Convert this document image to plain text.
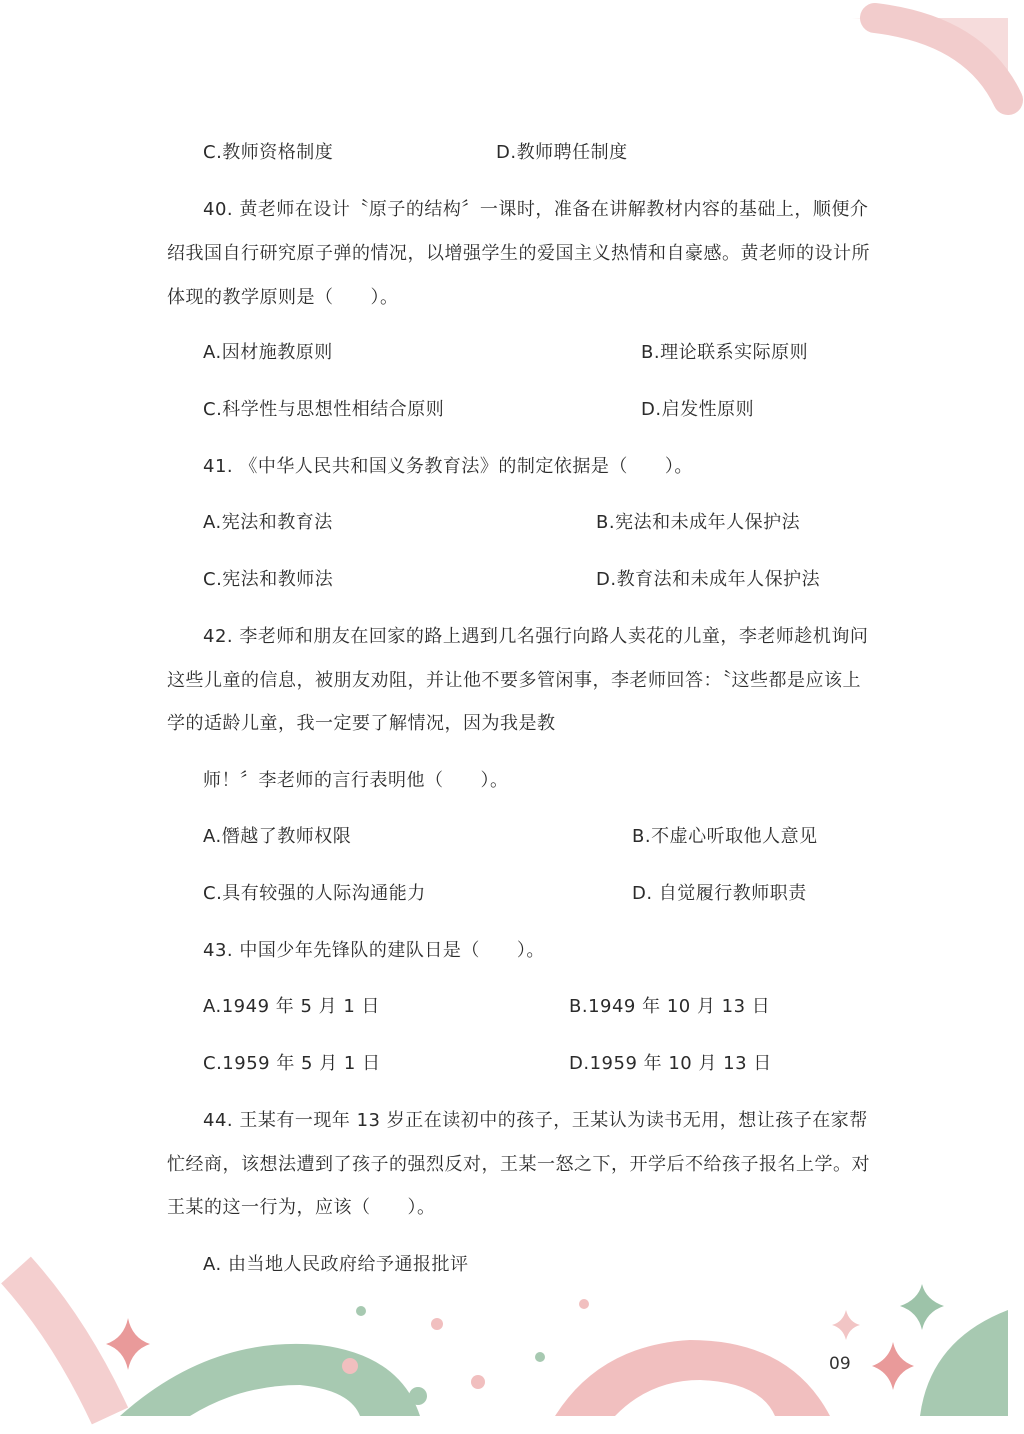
C.教师资格制度	D.教师聘任制度
40. 黄老师在设计〝原子的结构〞一课时，准备在讲解教材内容的基础上，顺便介
绍我国自行研究原子弹的情况，以增强学生的爱国主义热情和自豪感。黄老师的设计所
体现的教学原则是（　　）。
A.因材施教原则	B.理论联系实际原则
C.科学性与思想性相结合原则	D.启发性原则
41. 《中华人民共和国义务教育法》的制定依据是（　　）。
A.宪法和教育法	B.宪法和未成年人保护法
C.宪法和教师法	D.教育法和未成年人保护法
42. 李老师和朋友在回家的路上遇到几名强行向路人卖花的儿童，李老师趁机询问
这些儿童的信息，被朋友劝阻，并让他不要多管闲事，李老师回答：〝这些都是应该上
学的适龄儿童，我一定要了解情况，因为我是教
师！〞李老师的言行表明他（　　）。
A.僭越了教师权限	B.不虚心听取他人意见
C.具有较强的人际沟通能力	D. 自觉履行教师职责
43. 中国少年先锋队的建队日是（　　）。
A.1949 年 5 月 1 日	B.1949 年 10 月 13 日
C.1959 年 5 月 1 日	D.1959 年 10 月 13 日
44. 王某有一现年 13 岁正在读初中的孩子，王某认为读书无用，想让孩子在家帮
忙经商，该想法遭到了孩子的强烈反对，王某一怒之下，开学后不给孩子报名上学。对
王某的这一行为，应该（　　）。
A. 由当地人民政府给予通报批评
09
